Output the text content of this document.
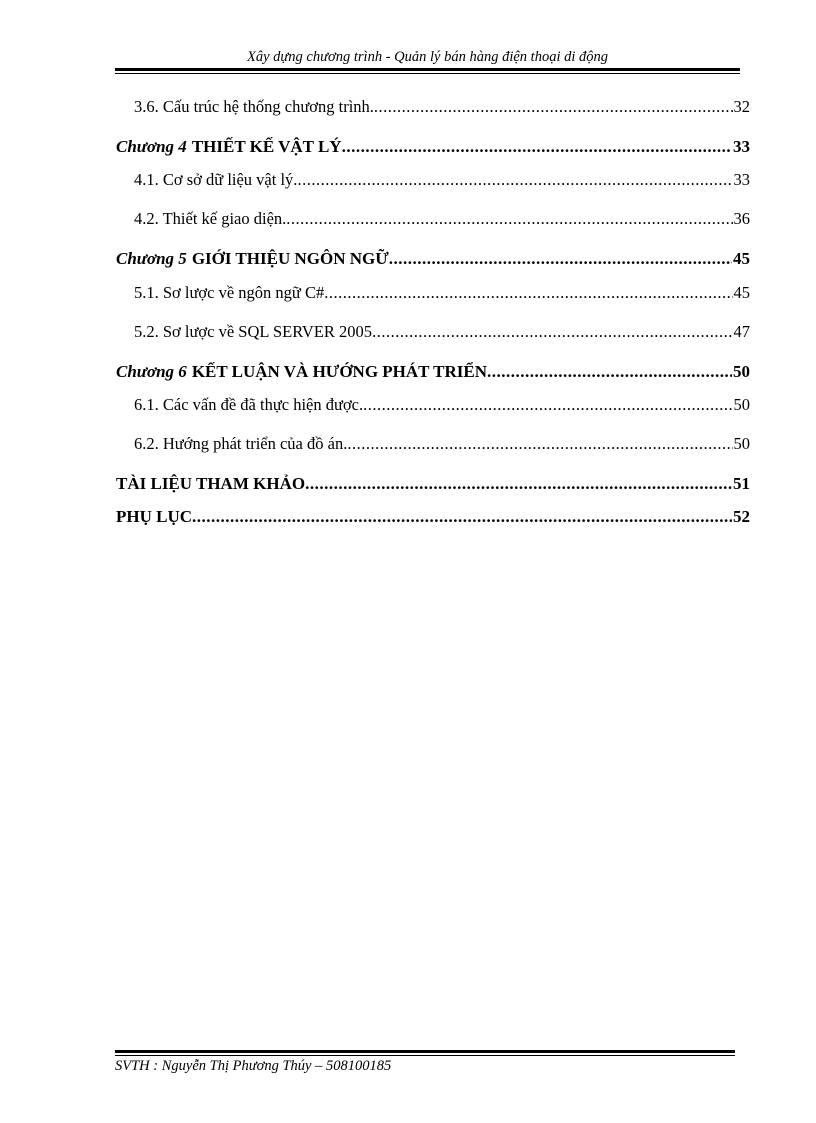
Xây dựng chương trình - Quản lý bán hàng điện thoại di động
3.6. Cấu trúc hệ thống chương trình. .....	32
Chương 4 THIẾT KẾ VẬT LÝ .....	33
4.1. Cơ sở dữ liệu vật lý. .....	33
4.2. Thiết kế giao diện. .....	36
Chương 5 GIỚI THIỆU NGÔN NGỮ .....	45
5.1. Sơ lược về ngôn ngữ C# .....	45
5.2. Sơ lược về SQL SERVER 2005 .....	47
Chương 6 KẾT LUẬN VÀ HƯỚNG PHÁT TRIỂN .....	50
6.1. Các vấn đề đã thực hiện được. .....	50
6.2. Hướng phát triển của đồ án. .....	50
TÀI LIỆU THAM KHẢO .....	51
PHỤ LỤC .....	52
SVTH : Nguyễn Thị Phương Thúy – 508100185
